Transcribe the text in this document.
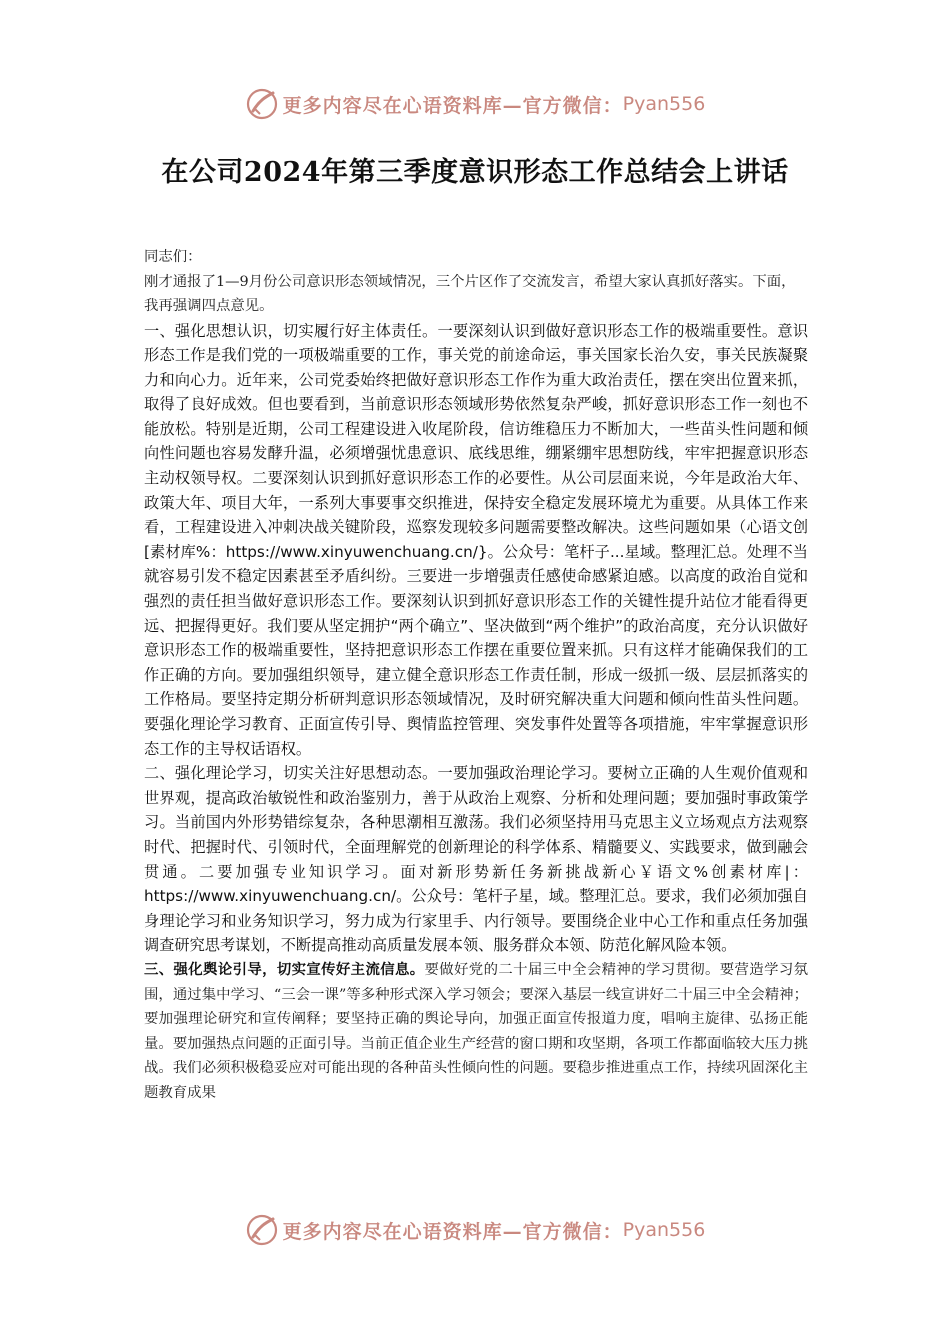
更多内容尽在心语资料库—官方微信： Pyan556
在公司2024年第三季度意识形态工作总结会上讲话

同志们：

刚才通报了1—9月份公司意识形态领域情况，三个片区作了交流发言，希望大家认真抓好落实。下面，我再强调四点意见。

一、强化思想认识，切实履行好主体责任。一要深刻认识到做好意识形态工作的极端重要性。意识形态工作是我们党的一项极端重要的工作，事关党的前途命运，事关国家长治久安，事关民族凝聚力和向心力。近年来，公司党委始终把做好意识形态工作作为重大政治责任，摆在突出位置来抓，取得了良好成效。但也要看到，当前意识形态领域形势依然复杂严峻，抓好意识形态工作一刻也不能放松。特别是近期，公司工程建设进入收尾阶段，信访维稳压力不断加大，一些苗头性问题和倾向性问题也容易发酵升温，必须增强忧患意识、底线思维，绷紧绷牢思想防线，牢牢把握意识形态主动权领导权。二要深刻认识到抓好意识形态工作的必要性。从公司层面来说，今年是政治大年、政策大年、项目大年，一系列大事要事交织推进，保持安全稳定发展环境尤为重要。从具体工作来看，工程建设进入冲刺决战关键阶段，巡察发现较多问题需要整改解决。这些问题如果（心语文创[素材库%：https://www.xinyuwenchuang.cn/}。公众号：笔杆子...星域。整理汇总。处理不当就容易引发不稳定因素甚至矛盾纠纷。三要进一步增强责任感使命感紧迫感。以高度的政治自觉和强烈的责任担当做好意识形态工作。要深刻认识到抓好意识形态工作的关键性提升站位才能看得更远、把握得更好。我们要从坚定拥护“两个确立”、坚决做到“两个维护”的政治高度，充分认识做好意识形态工作的极端重要性，坚持把意识形态工作摆在重要位置来抓。只有这样才能确保我们的工作正确的方向。要加强组织领导，建立健全意识形态工作责任制，形成一级抓一级、层层抓落实的工作格局。要坚持定期分析研判意识形态领域情况，及时研究解决重大问题和倾向性苗头性问题。要强化理论学习教育、正面宣传引导、舆情监控管理、突发事件处置等各项措施，牢牢掌握意识形态工作的主导权话语权。

二、强化理论学习，切实关注好思想动态。一要加强政治理论学习。要树立正确的人生观价值观和世界观，提高政治敏锐性和政治鉴别力，善于从政治上观察、分析和处理问题；要加强时事政策学习。当前国内外形势错综复杂，各种思潮相互激荡。我们必须坚持用马克思主义立场观点方法观察时代、把握时代、引领时代，全面理解党的创新理论的科学体系、精髓要义、实践要求，做到融会贯通。二要加强专业知识学习。面对新形势新任务新挑战新心￥语文%创素材库|：https://www.xinyuwenchuang.cn/。公众号：笔杆子星，域。整理汇总。要求，我们必须加强自身理论学习和业务知识学习，努力成为行家里手、内行领导。要围绕企业中心工作和重点任务加强调查研究思考谋划，不断提高推动高质量发展本领、服务群众本领、防范化解风险本领。

三、强化舆论引导，切实宣传好主流信息。要做好党的二十届三中全会精神的学习贯彻。要营造学习氛围，通过集中学习、“三会一课”等多种形式深入学习领会；要深入基层一线宣讲好二十届三中全会精神；要加强理论研究和宣传阐释；要坚持正确的舆论导向，加强正面宣传报道力度，唱响主旋律、弘扬正能量。要加强热点问题的正面引导。当前正值企业生产经营的窗口期和攻坚期，各项工作都面临较大压力挑战。我们必须积极稳妥应对可能出现的各种苗头性倾向性的问题。要稳步推进重点工作，持续巩固深化主题教育成果

更多内容尽在心语资料库—官方微信： Pyan556
